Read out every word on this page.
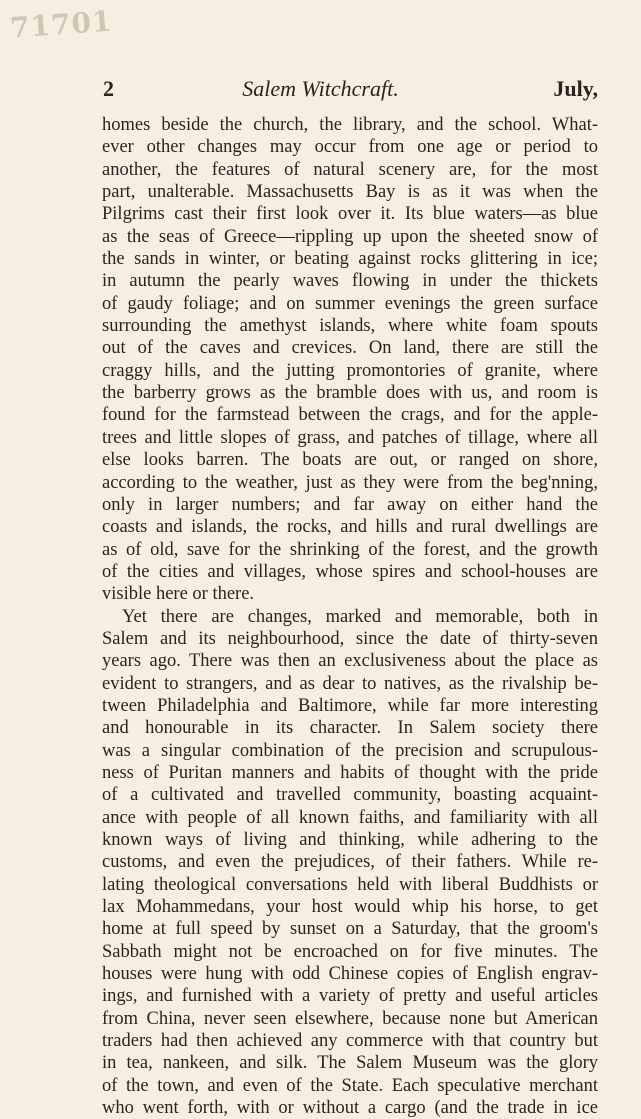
71701
2	Salem Witchcraft.	July,
homes beside the church, the library, and the school. What-
ever other changes may occur from one age or period to
another, the features of natural scenery are, for the most
part, unalterable. Massachusetts Bay is as it was when the
Pilgrims cast their first look over it. Its blue waters—as blue
as the seas of Greece—rippling up upon the sheeted snow of
the sands in winter, or beating against rocks glittering in ice;
in autumn the pearly waves flowing in under the thickets
of gaudy foliage; and on summer evenings the green surface
surrounding the amethyst islands, where white foam spouts
out of the caves and crevices. On land, there are still the
craggy hills, and the jutting promontories of granite, where
the barberry grows as the bramble does with us, and room is
found for the farmstead between the crags, and for the apple-
trees and little slopes of grass, and patches of tillage, where all
else looks barren. The boats are out, or ranged on shore,
according to the weather, just as they were from the beg'nning,
only in larger numbers; and far away on either hand the
coasts and islands, the rocks, and hills and rural dwellings are
as of old, save for the shrinking of the forest, and the growth
of the cities and villages, whose spires and school-houses are
visible here or there.
Yet there are changes, marked and memorable, both in
Salem and its neighbourhood, since the date of thirty-seven
years ago. There was then an exclusiveness about the place as
evident to strangers, and as dear to natives, as the rivalship be-
tween Philadelphia and Baltimore, while far more interesting
and honourable in its character. In Salem society there
was a singular combination of the precision and scrupulous-
ness of Puritan manners and habits of thought with the pride
of a cultivated and travelled community, boasting acquaint-
ance with people of all known faiths, and familiarity with all
known ways of living and thinking, while adhering to the
customs, and even the prejudices, of their fathers. While re-
lating theological conversations held with liberal Buddhists or
lax Mohammedans, your host would whip his horse, to get
home at full speed by sunset on a Saturday, that the groom's
Sabbath might not be encroached on for five minutes. The
houses were hung with odd Chinese copies of English engrav-
ings, and furnished with a variety of pretty and useful articles
from China, never seen elsewhere, because none but American
traders had then achieved any commerce with that country but
in tea, nankeen, and silk. The Salem Museum was the glory
of the town, and even of the State. Each speculative merchant
who went forth, with or without a cargo (and the trade in ice
